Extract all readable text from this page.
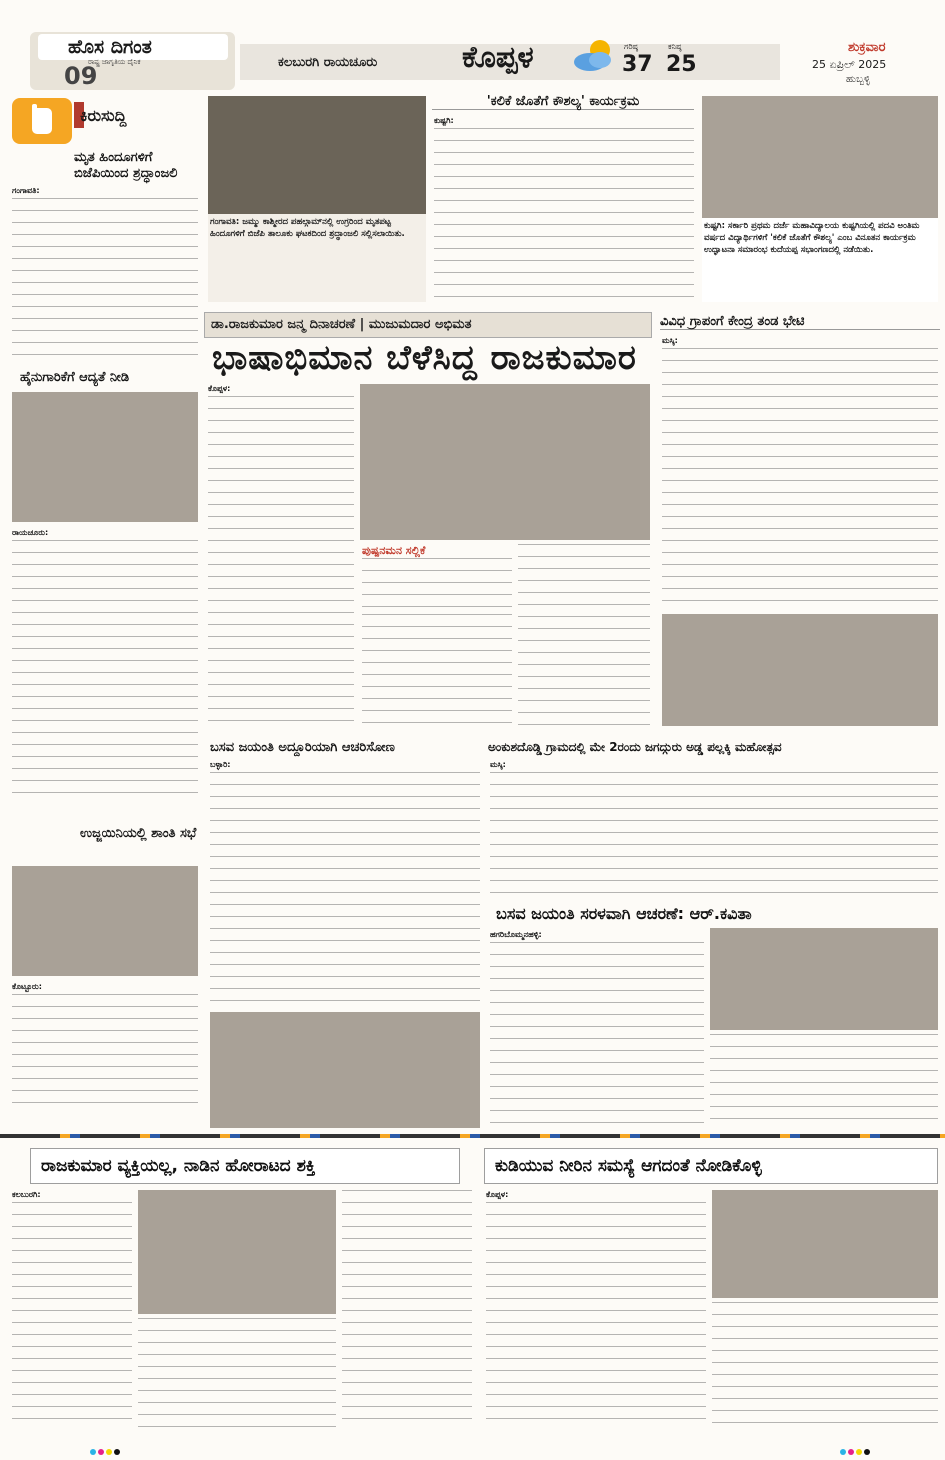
ಹೊಸ ದಿಗಂತ
ರಾಷ್ಟ್ರ ಜಾಗೃತಿಯ ದೈನಿಕ
09	ಕಲಬುರಗಿ ರಾಯಚೂರು	ಕೊಪ್ಪಳ	ಗರಿಷ್ಠ
37
ಕನಿಷ್ಠ
25
ಶುಕ್ರವಾರ
25 ಏಪ್ರಿಲ್ 2025
ಹುಬ್ಬಳ್ಳಿ
ಕಿರುಸುದ್ದಿ
ಮೃತ ಹಿಂದೂಗಳಿಗೆ ಬಿಜೆಪಿಯಿಂದ ಶ್ರದ್ಧಾಂಜಲಿ
ಗಂಗಾವತಿ:
ಹೈನುಗಾರಿಕೆಗೆ ಆದ್ಯತೆ ನೀಡಿ
ರಾಯಚೂರು:
ಉಜ್ಜಯಿನಿಯಲ್ಲಿ ಶಾಂತಿ ಸಭೆ
ಕೊಟ್ಟೂರು:
ಗಂಗಾವತಿ: ಜಮ್ಮು ಕಾಶ್ಮೀರದ ಪಹಲ್ಗಾಮ್‌ನಲ್ಲಿ ಉಗ್ರರಿಂದ ಮೃತಪಟ್ಟ ಹಿಂದೂಗಳಿಗೆ ಬಿಜೆಪಿ ತಾಲೂಕು ಘಟಕದಿಂದ ಶ್ರದ್ಧಾಂಜಲಿ ಸಲ್ಲಿಸಲಾಯಿತು.
'ಕಲಿಕೆ ಜೊತೆಗೆ ಕೌಶಲ್ಯ' ಕಾರ್ಯಕ್ರಮ
ಕುಷ್ಟಗಿ:
ಕುಷ್ಟಗಿ: ಸರ್ಕಾರಿ ಪ್ರಥಮ ದರ್ಜೆ ಮಹಾವಿದ್ಯಾಲಯ ಕುಷ್ಟಗಿಯಲ್ಲಿ ಪದವಿ ಅಂತಿಮ ವರ್ಷದ ವಿದ್ಯಾರ್ಥಿಗಳಿಗೆ 'ಕಲಿಕೆ ಜೊತೆಗೆ ಕೌಶಲ್ಯ' ಎಂಬ ವಿನೂತನ ಕಾರ್ಯಕ್ರಮ ಉದ್ಘಾಟನಾ ಸಮಾರಂಭ ಕುದೆಯಪ್ಪ ಸಭಾಂಗಣದಲ್ಲಿ ನಡೆಯಿತು.
ಡಾ.ರಾಜಕುಮಾರ ಜನ್ಮ ದಿನಾಚರಣೆ | ಮುಜುಮದಾರ ಅಭಿಮತ
ಭಾಷಾಭಿಮಾನ ಬೆಳೆಸಿದ್ದ ರಾಜಕುಮಾರ
ಕೊಪ್ಪಳ:
ಪುಷ್ಪನಮನ ಸಲ್ಲಿಕೆ
ವಿವಿಧ ಗ್ರಾಪಂಗೆ ಕೇಂದ್ರ ತಂಡ ಭೇಟಿ
ಮಸ್ಕಿ:
ಬಸವ ಜಯಂತಿ ಅದ್ದೂರಿಯಾಗಿ ಆಚರಿಸೋಣ
ಬಳ್ಳಾರಿ:
ಅಂಕುಶದೊಡ್ಡಿ ಗ್ರಾಮದಲ್ಲಿ ಮೇ 2ರಂದು ಜಗದ್ಗುರು ಅಡ್ಡ ಪಲ್ಲಕ್ಕಿ ಮಹೋತ್ಸವ
ಮಸ್ಕಿ:
ಬಸವ ಜಯಂತಿ ಸರಳವಾಗಿ ಆಚರಣೆ: ಆರ್.ಕವಿತಾ
ಹಗರಿಬೊಮ್ಮನಹಳ್ಳಿ:
ರಾಜಕುಮಾರ ವ್ಯಕ್ತಿಯಲ್ಲ, ನಾಡಿನ ಹೋರಾಟದ ಶಕ್ತಿ
ಕಲಬುರಗಿ:
ಕುಡಿಯುವ ನೀರಿನ ಸಮಸ್ಯೆ ಆಗದಂತೆ ನೋಡಿಕೊಳ್ಳಿ
ಕೊಪ್ಪಳ:
